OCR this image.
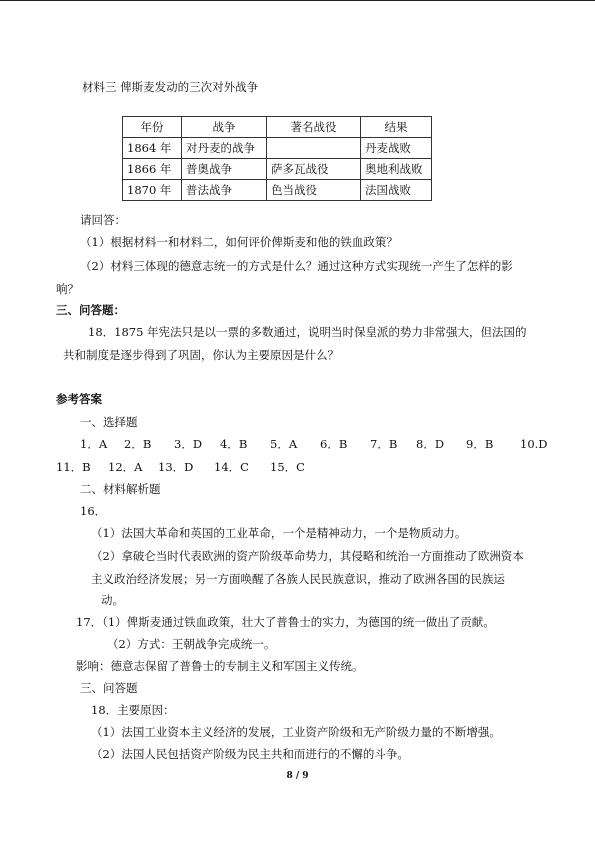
材料三 俾斯麦发动的三次对外战争
年份	战争	著名战役	结果
1864 年	对丹麦的战争		丹麦战败
1866 年	普奥战争	萨多瓦战役	奥地利战败
1870 年	普法战争	色当战役	法国战败
请回答：
（1）根据材料一和材料二，如何评价俾斯麦和他的铁血政策？
（2）材料三体现的德意志统一的方式是什么？通过这种方式实现统一产生了怎样的影
响？
三、问答题：
18．1875 年宪法只是以一票的多数通过，说明当时保皇派的势力非常强大，但法国的
共和制度是逐步得到了巩固，你认为主要原因是什么？
参考答案
一、选择题
1．A 2．B 3．D 4．B 5．A 6．B 7．B 8．D 9．B 10.D
11．B 12．A 13．D 14．C 15．C
二、材料解析题
16．
（1）法国大革命和英国的工业革命，一个是精神动力，一个是物质动力。
（2）拿破仑当时代表欧洲的资产阶级革命势力，其侵略和统治一方面推动了欧洲资本
主义政治经济发展；另一方面唤醒了各族人民民族意识，推动了欧洲各国的民族运
动。
17．（1）俾斯麦通过铁血政策，壮大了普鲁士的实力，为德国的统一做出了贡献。
（2）方式：王朝战争完成统一。
影响：德意志保留了普鲁士的专制主义和军国主义传统。
三、问答题
18．主要原因：
（1）法国工业资本主义经济的发展，工业资产阶级和无产阶级力量的不断增强。
（2）法国人民包括资产阶级为民主共和而进行的不懈的斗争。
8 / 9
